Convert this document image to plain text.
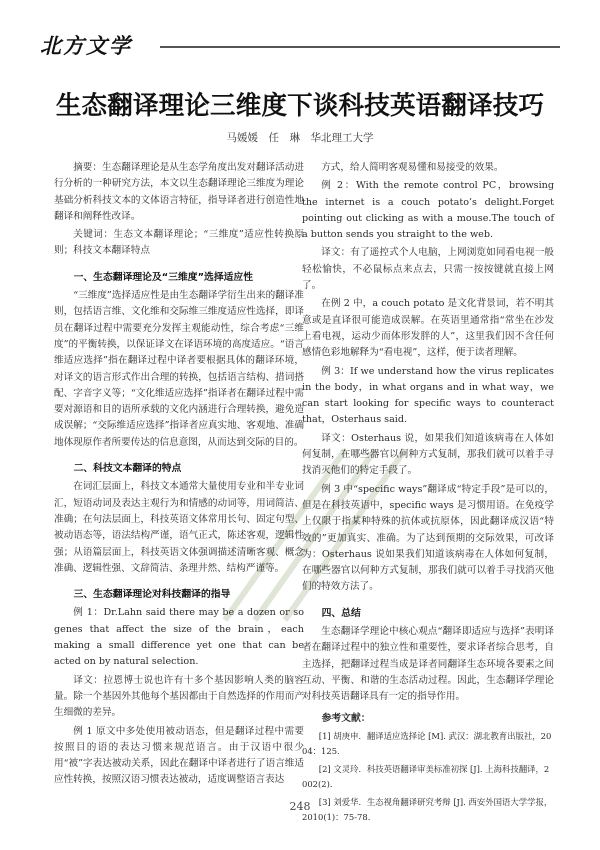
北方文学
生态翻译理论三维度下谈科技英语翻译技巧
马媛媛　任　琳　华北理工大学
摘要：生态翻译理论是从生态学角度出发对翻译活动进行分析的一种研究方法，本文以生态翻译理论三维度为理论基础分析科技文本的文体语言特征，指导译者进行创造性地翻译和阐释性改译。
关键词：生态文本翻译理论；“三维度”适应性转换原则；科技文本翻译特点
一、生态翻译理论及“三维度”选择适应性
“三维度”选择适应性是由生态翻译学衍生出来的翻译准则，包括语言维、文化维和交际维三维度适应性选择，即译员在翻译过程中需要充分发挥主观能动性，综合考虑“三维度”的平衡转换，以保证译文在译语环境的高度适应。“语言维适应选择”指在翻译过程中译者要根据具体的翻译环境，对译文的语言形式作出合理的转换，包括语言结构、措词搭配、字音字义等；“文化维适应选择”指译者在翻译过程中需要对源语和目的语所承载的文化内涵进行合理转换，避免造成误解；“交际维适应选择”指译者应真实地、客观地、准确地体现原作者所要传达的信息意图，从而达到交际的目的。
二、科技文本翻译的特点
在词汇层面上，科技文本通常大量使用专业和半专业词汇，短语动词及表达主观行为和情感的动词等，用词简洁、准确；在句法层面上，科技英语文体常用长句、固定句型、被动语态等，语法结构严谨，语气正式，陈述客观，逻辑性强；从语篇层面上，科技英语文体强调描述清晰客观、概念准确、逻辑性强、文辞简洁、条理井然、结构严谨等。
三、生态翻译理论对科技翻译的指导
例 1：Dr.Lahn said there may be a dozen or so genes that affect the size of the brain，each making a small difference yet one that can be acted on by natural selection.
译文：拉恩博士说也许有十多个基因影响人类的脑容量。除一个基因外其他每个基因都由于自然选择的作用而产生细微的差异。
例 1 原文中多处使用被动语态，但是翻译过程中需要按照目的语的表达习惯来规范语言。由于汉语中很少用“被”字表达被动关系，因此在翻译中译者进行了语言维适应性转换，按照汉语习惯表达被动，适度调整语言表达
方式，给人简明客观易懂和易接受的效果。
例 2：With the remote control PC，browsing the internet is a couch potato’s delight.Forget pointing out clicking as with a mouse.The touch of a button sends you straight to the web.
译文：有了遥控式个人电脑，上网浏览如同看电视一般轻松愉快，不必鼠标点来点去，只需一按按键就直接上网了。
在例 2 中，a couch potato 是文化背景词，若不明其意或是直译很可能造成误解。在英语里通常指“常坐在沙发上看电视，运动少而体形发胖的人”，这里我们因不含任何感情色彩地解释为“看电视”，这样，便于读者理解。
例 3：If we understand how the virus replicates in the body，in what organs and in what way，we can start looking for specific ways to counteract that，Osterhaus said.
译文：Osterhaus 说，如果我们知道该病毒在人体如何复制，在哪些器官以何种方式复制，那我们就可以着手寻找消灭他们的特定手段了。
例 3 中“specific ways”翻译成“特定手段”是可以的，但是在科技英语中，specific ways 是习惯用语。在免疫学上仅限于指某种特殊的抗体或抗原体，因此翻译成汉语“特效的”更加真实、准确。为了达到预期的交际效果，可改译为：Osterhaus 说如果我们知道该病毒在人体如何复制，在哪些器官以何种方式复制，那我们就可以着手寻找消灭他们的特效方法了。
四、总结
生态翻译学理论中核心观点“翻译即适应与选择”表明译者在翻译过程中的独立性和重要性，要求译者综合思考，自主选择，把翻译过程当成是译者同翻译生态环境各要素之间互动、平衡、和谐的生态活动过程。因此，生态翻译学理论对科技英语翻译具有一定的指导作用。
参考文献：
[1] 胡庚申．翻译适应选择论 [M]. 武汉：湖北教育出版社，2004：125.
[2] 文灵玲．科技英语翻译审美标准初探 [J]. 上海科技翻译，2002(2).
[3] 刘爱华．生态视角翻译研究考辩 [J]. 西安外国语大学学报，2010(1)：75-78.
248
